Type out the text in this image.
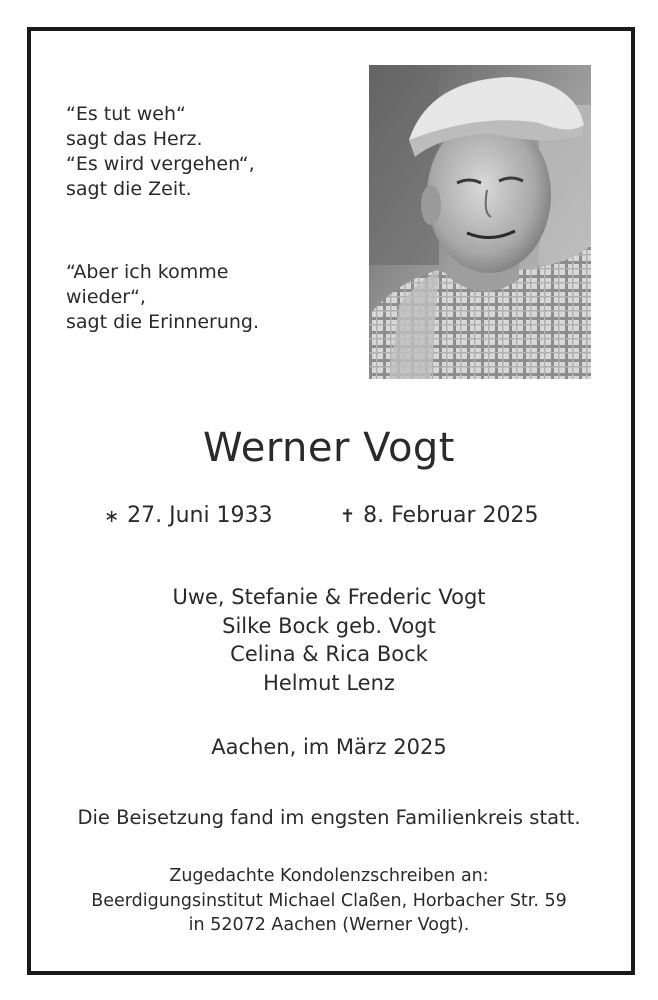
“Es tut weh“
sagt das Herz.
“Es wird vergehen“,
sagt die Zeit.
“Aber ich komme
wieder“,
sagt die Erinnerung.
Werner Vogt
∗ 27. Juni 1933	✝ 8. Februar 2025
Uwe, Stefanie & Frederic Vogt
Silke Bock geb. Vogt
Celina & Rica Bock
Helmut Lenz
Aachen, im März 2025
Die Beisetzung fand im engsten Familienkreis statt.
Zugedachte Kondolenzschreiben an:
Beerdigungsinstitut Michael Claßen, Horbacher Str. 59
in 52072 Aachen (Werner Vogt).
